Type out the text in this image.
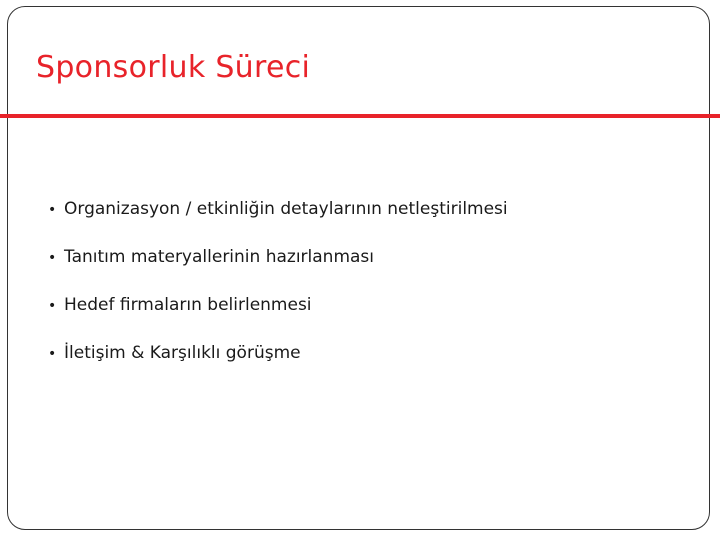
Sponsorluk Süreci
• Organizasyon / etkinliğin detaylarının netleştirilmesi
• Tanıtım materyallerinin hazırlanması
• Hedef firmaların belirlenmesi
• İletişim & Karşılıklı görüşme
